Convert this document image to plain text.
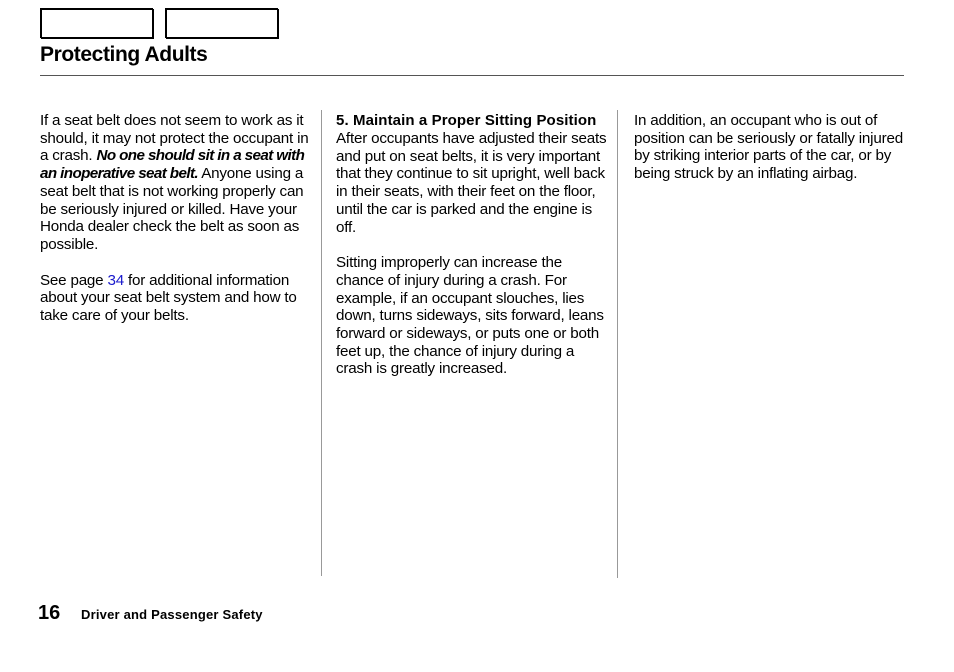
Protecting Adults

If a seat belt does not seem to work as it should, it may not protect the occupant in a crash. No one should sit in a seat with an inoperative seat belt. Anyone using a seat belt that is not working properly can be seriously injured or killed. Have your Honda dealer check the belt as soon as possible.

See page 34 for additional information about your seat belt system and how to take care of your belts.

5. Maintain a Proper Sitting Position

After occupants have adjusted their seats and put on seat belts, it is very important that they continue to sit upright, well back in their seats, with their feet on the floor, until the car is parked and the engine is off.

Sitting improperly can increase the chance of injury during a crash. For example, if an occupant slouches, lies down, turns sideways, sits forward, leans forward or sideways, or puts one or both feet up, the chance of injury during a crash is greatly increased.

In addition, an occupant who is out of position can be seriously or fatally injured by striking interior parts of the car, or by being struck by an inflating airbag.

16 Driver and Passenger Safety
